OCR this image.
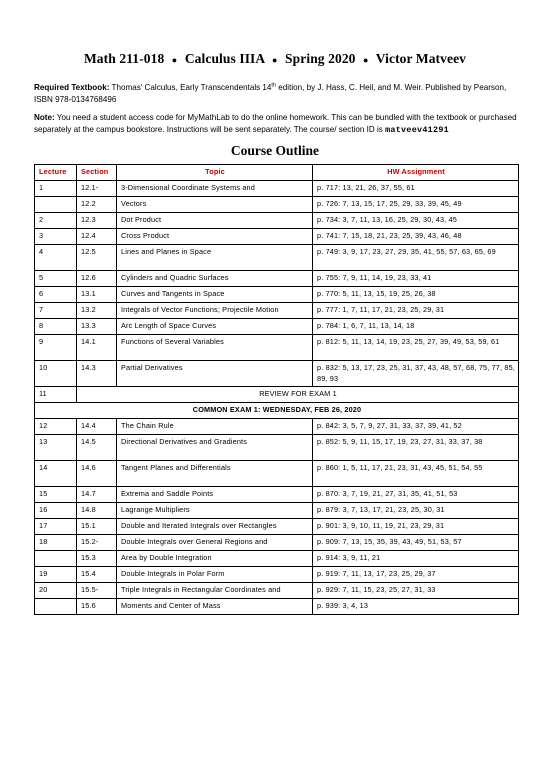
Math 211-018 ● Calculus IIIA ● Spring 2020 ● Victor Matveev
Required Textbook: Thomas' Calculus, Early Transcendentals 14th edition, by J. Hass, C. Heil, and M. Weir. Published by Pearson, ISBN 978-0134768496
Note: You need a student access code for MyMathLab to do the online homework. This can be bundled with the textbook or purchased separately at the campus bookstore. Instructions will be sent separately. The course/ section ID is matveev41291
Course Outline
Lecture	Section	Topic	HW Assignment
1	12.1-	3-Dimensional Coordinate Systems and	p. 717: 13, 21, 26, 37, 55, 61
	12.2	Vectors	p. 726: 7, 13, 15, 17, 25, 29, 33, 39, 45, 49
2	12.3	Dot Product	p. 734: 3, 7, 11, 13, 16, 25, 29, 30, 43, 45
3	12.4	Cross Product	p. 741: 7, 15, 18, 21, 23, 25, 39, 43, 46, 48
4	12.5	Lines and Planes in Space	p. 749: 3, 9, 17, 23, 27, 29, 35, 41, 55, 57, 63, 65, 69
5	12.6	Cylinders and Quadric Surfaces	p. 755: 7, 9, 11, 14, 19, 23, 33, 41
6	13.1	Curves and Tangents in Space	p. 770: 5, 11, 13, 15, 19, 25, 26, 38
7	13.2	Integrals of Vector Functions; Projectile Motion	p. 777: 1, 7, 11, 17, 21, 23, 25, 29, 31
8	13.3	Arc Length of Space Curves	p. 784: 1, 6, 7, 11, 13, 14, 18
9	14.1	Functions of Several Variables	p. 812: 5, 11, 13, 14, 19, 23, 25, 27, 39, 49, 53, 59, 61
10	14.3	Partial Derivatives	p. 832: 5, 13, 17, 23, 25, 31, 37, 43, 48, 57, 68, 75, 77, 85, 89, 93
11	REVIEW FOR EXAM 1		
COMMON EXAM 1: WEDNESDAY, FEB 26, 2020			
12	14.4	The Chain Rule	p. 842: 3, 5, 7, 9, 27, 31, 33, 37, 39, 41, 52
13	14.5	Directional Derivatives and Gradients	p. 852: 5, 9, 11, 15, 17, 19, 23, 27, 31, 33, 37, 38
14	14.6	Tangent Planes and Differentials	p. 860: 1, 5, 11, 17, 21, 23, 31, 43, 45, 51, 54, 55
15	14.7	Extrema and Saddle Points	p. 870: 3, 7, 19, 21, 27, 31, 35, 41, 51, 53
16	14.8	Lagrange Multipliers	p. 879: 3, 7, 13, 17, 21, 23, 25, 30, 31
17	15.1	Double and Iterated Integrals over Rectangles	p. 901: 3, 9, 10, 11, 19, 21, 23, 29, 31
18	15.2-	Double Integrals over General Regions and	p. 909: 7, 13, 15, 35, 39, 43, 49, 51, 53, 57
	15.3	Area by Double Integration	p. 914: 3, 9, 11, 21
19	15.4	Double Integrals in Polar Form	p. 919: 7, 11, 13, 17, 23, 25, 29, 37
20	15.5-	Triple Integrals in Rectangular Coordinates and	p. 929: 7, 11, 15, 23, 25, 27, 31, 33
	15.6	Moments and Center of Mass	p. 939: 3, 4, 13
